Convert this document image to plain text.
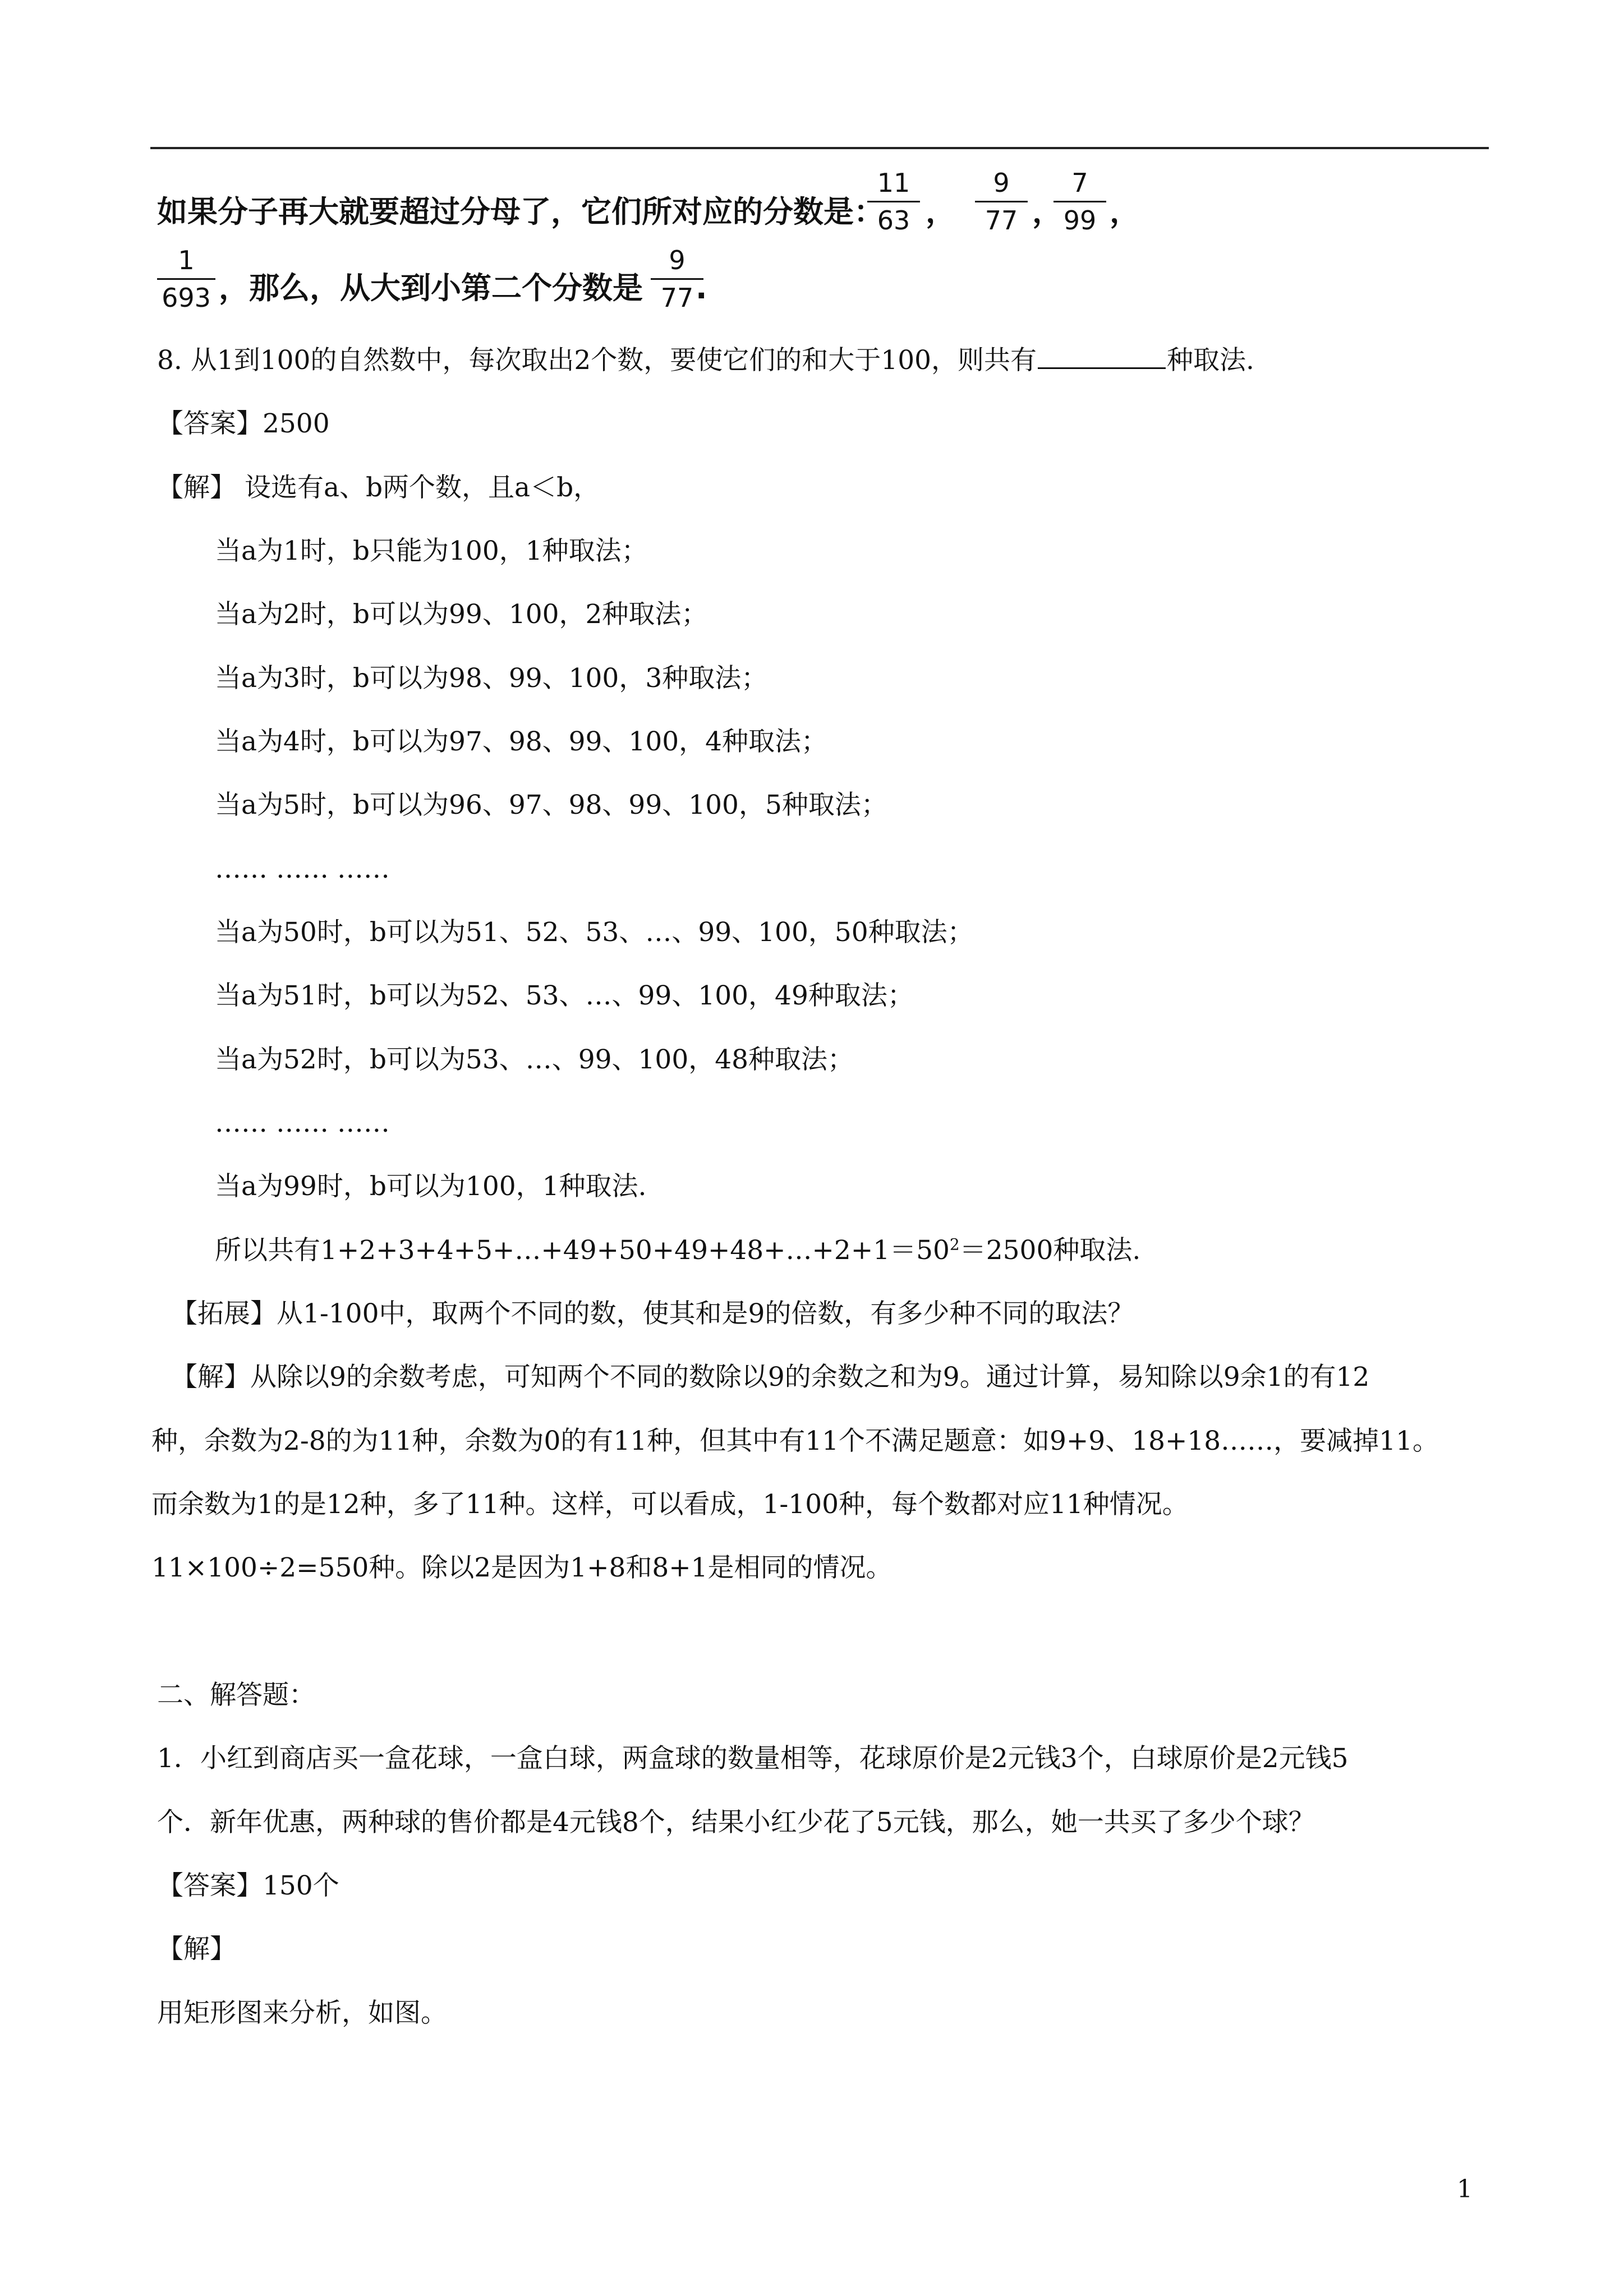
如果分子再大就要超过分母了，它们所对应的分数是：
11
63 ，
9
77 ，
7
99 ，
1
693 ，那么，从大到小第二个分数是
9
77 .
8. 从1到100的自然数中，每次取出2个数，要使它们的和大于100，则共有	种取法.
【答案】2500
【解】 设选有a、b两个数，且a＜b，
当a为1时，b只能为100，1种取法；
当a为2时，b可以为99、100，2种取法；
当a为3时，b可以为98、99、100，3种取法；
当a为4时，b可以为97、98、99、100，4种取法；
当a为5时，b可以为96、97、98、99、100，5种取法；
…… …… ……
当a为50时，b可以为51、52、53、…、99、100，50种取法；
当a为51时，b可以为52、53、…、99、100，49种取法；
当a为52时，b可以为53、…、99、100，48种取法；
…… …… ……
当a为99时，b可以为100，1种取法.
所以共有$1+2+3+4+5+\dots+49+50+49+48+\dots+2+1=50^2=2500$种取法.
【拓展】从1-100中，取两个不同的数，使其和是9的倍数，有多少种不同的取法？
【解】从除以9的余数考虑，可知两个不同的数除以9的余数之和为9。通过计算，易知除以9余1的有12
种，余数为2-8的为11种，余数为0的有11种，但其中有11个不满足题意：如9+9、18+18……，要减掉11。
而余数为1的是12种，多了11种。这样，可以看成，1-100种，每个数都对应11种情况。
11×100÷2=550种。除以2是因为1+8和8+1是相同的情况。
二、解答题：
1．小红到商店买一盒花球，一盒白球，两盒球的数量相等，花球原价是2元钱3个，白球原价是2元钱5
个．新年优惠，两种球的售价都是4元钱8个，结果小红少花了5元钱，那么，她一共买了多少个球？
【答案】150个
【解】
用矩形图来分析，如图。
1
